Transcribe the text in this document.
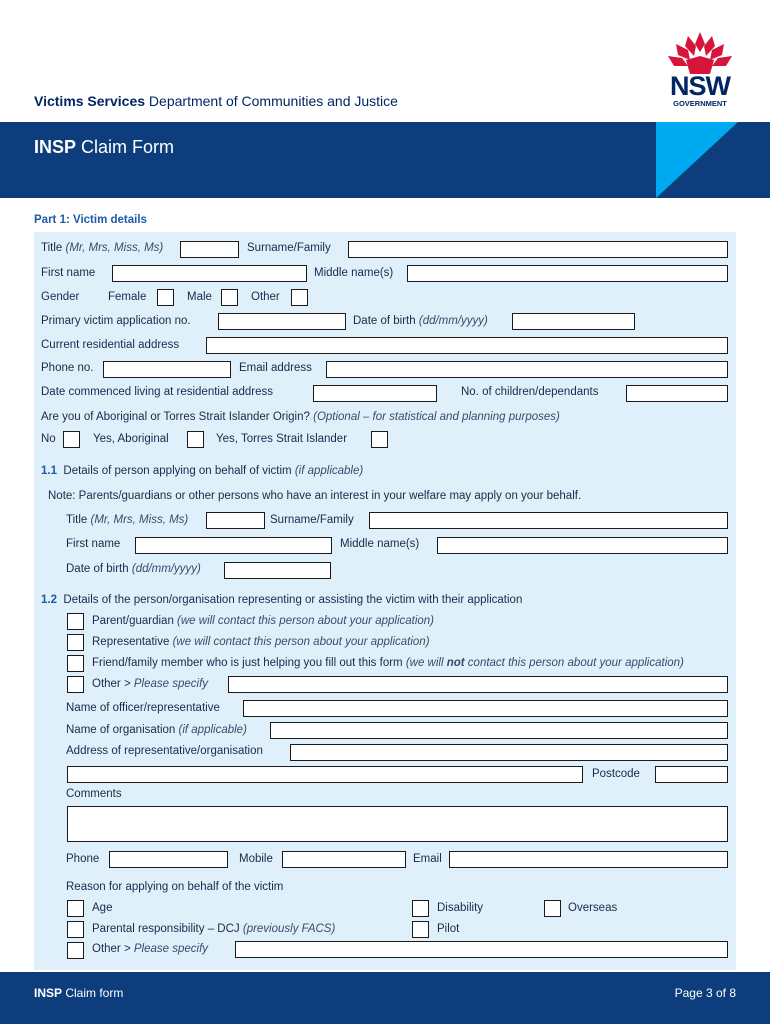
Victims Services Department of Communities and Justice	NSW
GOVERNMENT
INSP Claim Form
Part 1: Victim details
Title (Mr, Mrs, Miss, Ms)	Surname/Family
First name	Middle name(s)
Gender Female	Male	Other
Primary victim application no.	Date of birth (dd/mm/yyyy)
Current residential address
Phone no.	Email address
Date commenced living at residential address	No. of children/dependants
Are you of Aboriginal or Torres Strait Islander Origin? (Optional – for statistical and planning purposes)
No	Yes, Aboriginal	Yes, Torres Strait Islander
1.1 Details of person applying on behalf of victim (if applicable)
Note: Parents/guardians or other persons who have an interest in your welfare may apply on your behalf.
Title (Mr, Mrs, Miss, Ms)	Surname/Family
First name	Middle name(s)
Date of birth (dd/mm/yyyy)
1.2 Details of the person/organisation representing or assisting the victim with their application
Parent/guardian (we will contact this person about your application)
Representative (we will contact this person about your application)
Friend/family member who is just helping you fill out this form (we will not contact this person about your application)
Other > Please specify
Name of officer/representative
Name of organisation (if applicable)
Address of representative/organisation
Postcode
Comments
Phone	Mobile	Email
Reason for applying on behalf of the victim
Age	Disability	Overseas
Parental responsibility – DCJ (previously FACS)	Pilot
Other > Please specify
INSP Claim form	Page 3 of 8
